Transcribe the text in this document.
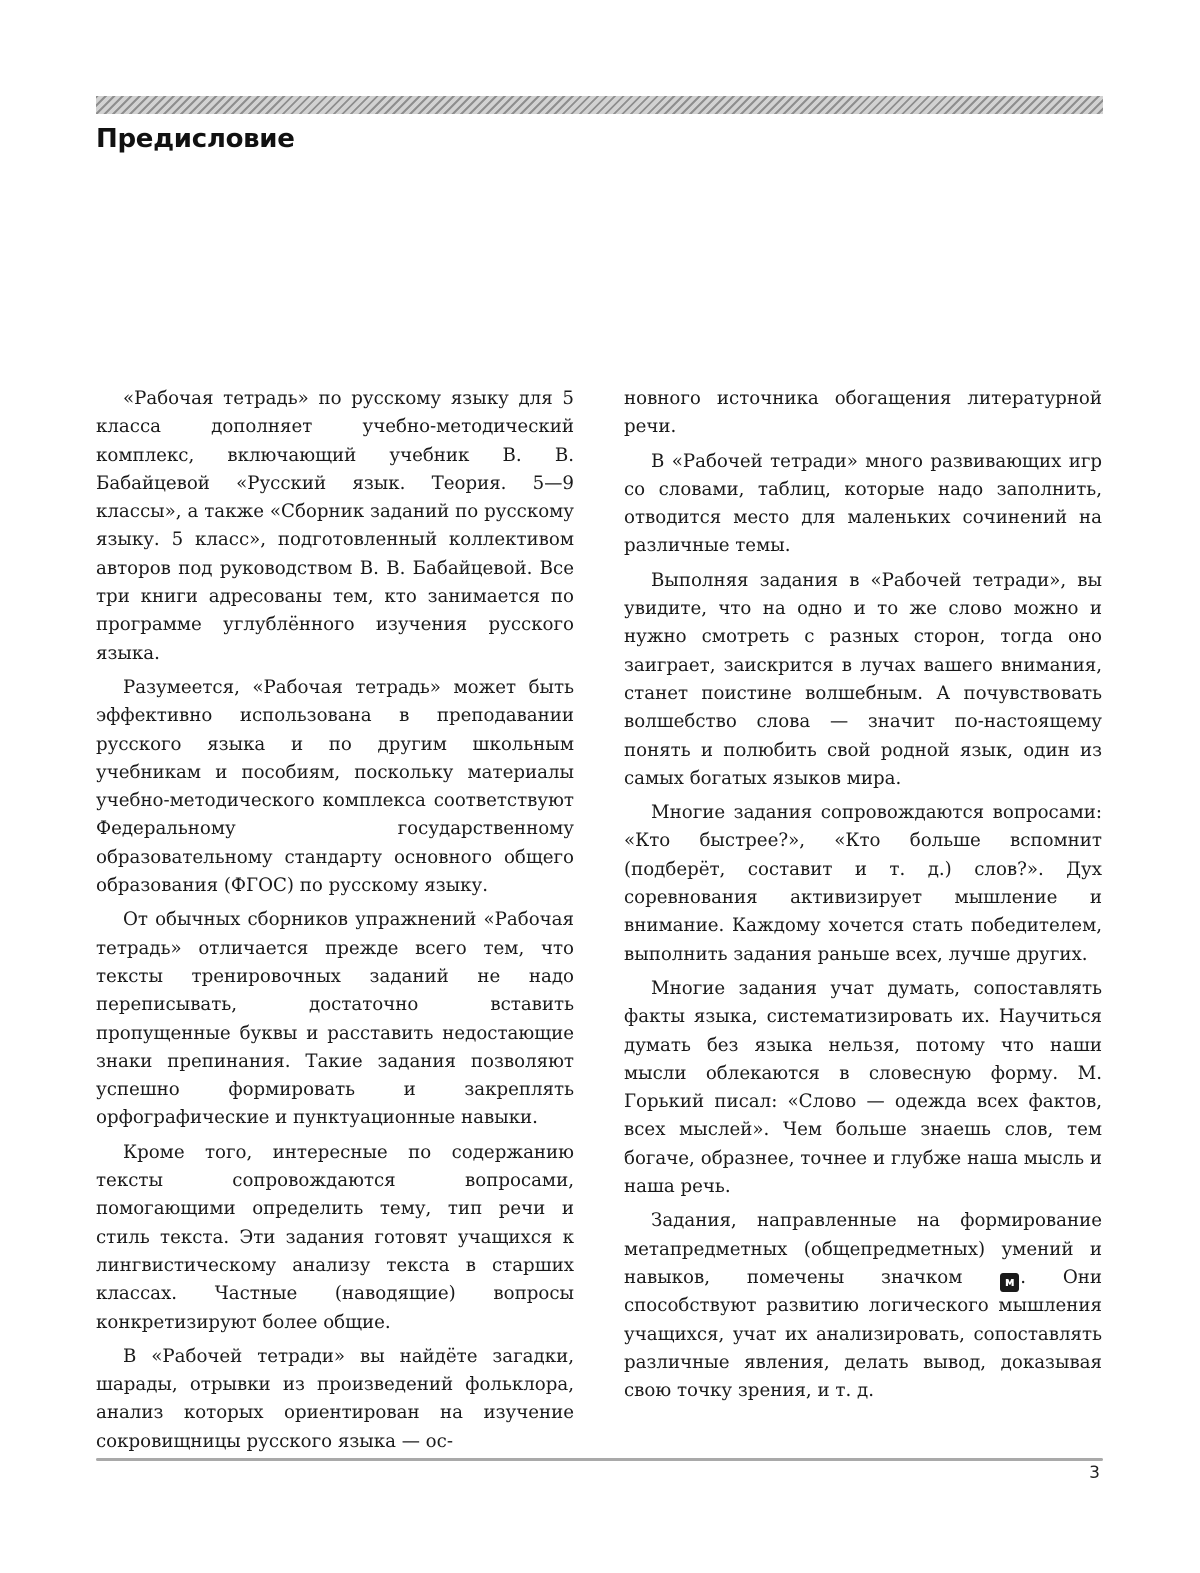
Предисловие

«Рабочая тетрадь» по русскому языку для 5 класса дополняет учебно-методический комплекс, включающий учебник В. В. Бабайцевой «Русский язык. Теория. 5—9 классы», а также «Сборник заданий по русскому языку. 5 класс», подготовленный коллективом авторов под руководством В. В. Бабайцевой. Все три книги адресованы тем, кто занимается по программе углублённого изучения русского языка.

Разумеется, «Рабочая тетрадь» может быть эффективно использована в преподавании русского языка и по другим школьным учебникам и пособиям, поскольку материалы учебно-методического комплекса соответствуют Федеральному государственному образовательному стандарту основного общего образования (ФГОС) по русскому языку.

От обычных сборников упражнений «Рабочая тетрадь» отличается прежде всего тем, что тексты тренировочных заданий не надо переписывать, достаточно вставить пропущенные буквы и расставить недостающие знаки препинания. Такие задания позволяют успешно формировать и закреплять орфографические и пунктуационные навыки.

Кроме того, интересные по содержанию тексты сопровождаются вопросами, помогающими определить тему, тип речи и стиль текста. Эти задания готовят учащихся к лингвистическому анализу текста в старших классах. Частные (наводящие) вопросы конкретизируют более общие.

В «Рабочей тетради» вы найдёте загадки, шарады, отрывки из произведений фольклора, анализ которых ориентирован на изучение сокровищницы русского языка — ос-

новного источника обогащения литературной речи.

В «Рабочей тетради» много развивающих игр со словами, таблиц, которые надо заполнить, отводится место для маленьких сочинений на различные темы.

Выполняя задания в «Рабочей тетради», вы увидите, что на одно и то же слово можно и нужно смотреть с разных сторон, тогда оно заиграет, заискрится в лучах вашего внимания, станет поистине волшебным. А почувствовать волшебство слова — значит по-настоящему понять и полюбить свой родной язык, один из самых богатых языков мира.

Многие задания сопровождаются вопросами: «Кто быстрее?», «Кто больше вспомнит (подберёт, составит и т. д.) слов?». Дух соревнования активизирует мышление и внимание. Каждому хочется стать победителем, выполнить задания раньше всех, лучше других.

Многие задания учат думать, сопоставлять факты языка, систематизировать их. Научиться думать без языка нельзя, потому что наши мысли облекаются в словесную форму. М. Горький писал: «Слово — одежда всех фактов, всех мыслей». Чем больше знаешь слов, тем богаче, образнее, точнее и глубже наша мысль и наша речь.

Задания, направленные на формирование метапредметных (общепредметных) умений и навыков, помечены значком	м . Они способствуют развитию логического мышления учащихся, учат их анализировать, сопоставлять различные явления, делать вывод, доказывая свою точку зрения, и т. д.

3
